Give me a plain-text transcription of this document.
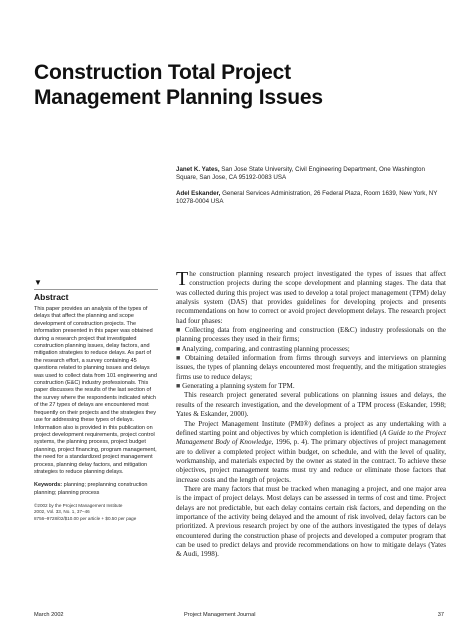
Construction Total Project
Management Planning Issues

Janet K. Yates, San Jose State University, Civil Engineering Department, One Washington Square, San Jose, CA 95192-0083 USA

Adel Eskander, General Services Administration, 26 Federal Plaza, Room 1639, New York, NY 10278-0004 USA

▼
Abstract

This paper provides an analysis of the types of delays that affect the planning and scope development of construction projects. The information presented in this paper was obtained during a research project that investigated construction planning issues, delay factors, and mitigation strategies to reduce delays. As part of the research effort, a survey containing 45 questions related to planning issues and delays was used to collect data from 101 engineering and construction (E&C) industry professionals. This paper discusses the results of the last section of the survey where the respondents indicated which of the 27 types of delays are encountered most frequently on their projects and the strategies they use for addressing these types of delays. Information also is provided in this publication on project development requirements, project control systems, the planning process, project budget planning, project financing, program management, the need for a standardized project management process, planning delay factors, and mitigation strategies to reduce planning delays.

Keywords: planning; preplanning construction planning; planning process

©2002 by the Project Management Institute
2002, Vol. 33, No. 1, 37–46
8756–9728/02/$10.00 per article + $0.50 per page

The construction planning research project investigated the types of issues that affect construction projects during the scope development and planning stages. The data that was collected during this project was used to develop a total project management (TPM) delay analysis system (DAS) that provides guidelines for developing projects and presents recommendations on how to correct or avoid project development delays. The research project had four phases:

■ Collecting data from engineering and construction (E&C) industry professionals on the planning processes they used in their firms;

■ Analyzing, comparing, and contrasting planning processes;

■ Obtaining detailed information from firms through surveys and interviews on planning issues, the types of planning delays encountered most frequently, and the mitigation strategies firms use to reduce delays;

■ Generating a planning system for TPM.

This research project generated several publications on planning issues and delays, the results of the research investigation, and the development of a TPM process (Eskander, 1998; Yates & Eskander, 2000).

The Project Management Institute (PMI®) defines a project as any undertaking with a defined starting point and objectives by which completion is identified (A Guide to the Project Management Body of Knowledge, 1996, p. 4). The primary objectives of project management are to deliver a completed project within budget, on schedule, and with the level of quality, workmanship, and materials expected by the owner as stated in the contract. To achieve these objectives, project management teams must try and reduce or eliminate those factors that increase costs and the length of projects.

There are many factors that must be tracked when managing a project, and one major area is the impact of project delays. Most delays can be assessed in terms of cost and time. Project delays are not predictable, but each delay contains certain risk factors, and depending on the importance of the activity being delayed and the amount of risk involved, delay factors can be prioritized. A previous research project by one of the authors investigated the types of delays encountered during the construction phase of projects and developed a computer program that can be used to predict delays and provide recommendations on how to mitigate delays (Yates & Audi, 1998).

March 2002	Project Management Journal	37
